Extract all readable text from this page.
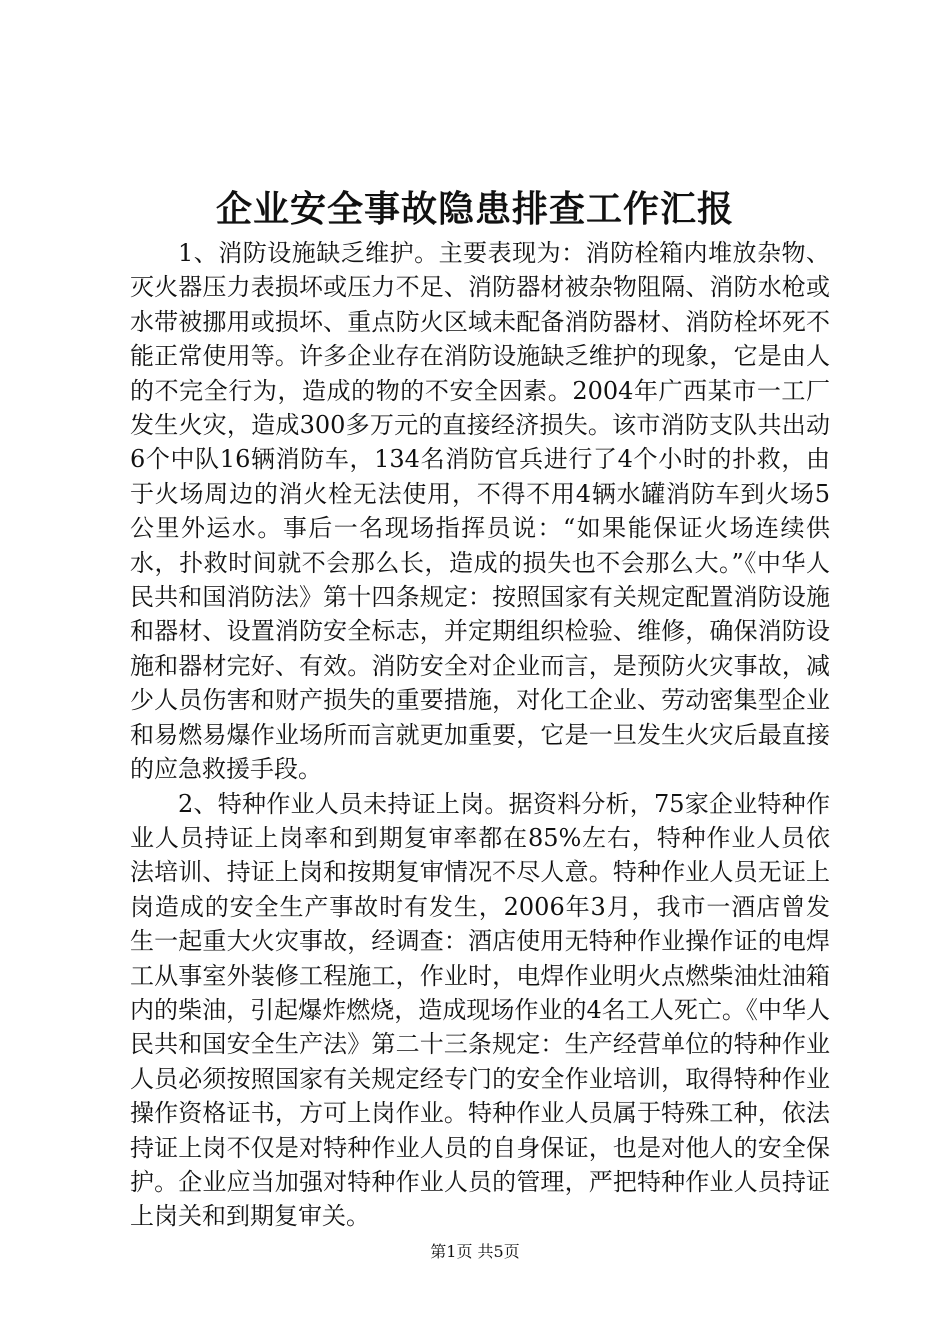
企业安全事故隐患排查工作汇报

1、消防设施缺乏维护。主要表现为：消防栓箱内堆放杂物、灭火器压力表损坏或压力不足、消防器材被杂物阻隔、消防水枪或水带被挪用或损坏、重点防火区域未配备消防器材、消防栓坏死不能正常使用等。许多企业存在消防设施缺乏维护的现象，它是由人的不完全行为，造成的物的不安全因素。2004年广西某市一工厂发生火灾，造成300多万元的直接经济损失。该市消防支队共出动6个中队16辆消防车，134名消防官兵进行了4个小时的扑救，由于火场周边的消火栓无法使用，不得不用4辆水罐消防车到火场5公里外运水。事后一名现场指挥员说：“如果能保证火场连续供水，扑救时间就不会那么长，造成的损失也不会那么大。”《中华人民共和国消防法》第十四条规定：按照国家有关规定配置消防设施和器材、设置消防安全标志，并定期组织检验、维修，确保消防设施和器材完好、有效。消防安全对企业而言，是预防火灾事故，减少人员伤害和财产损失的重要措施，对化工企业、劳动密集型企业和易燃易爆作业场所而言就更加重要，它是一旦发生火灾后最直接的应急救援手段。

2、特种作业人员未持证上岗。据资料分析，75家企业特种作业人员持证上岗率和到期复审率都在85%左右，特种作业人员依法培训、持证上岗和按期复审情况不尽人意。特种作业人员无证上岗造成的安全生产事故时有发生，2006年3月，我市一酒店曾发生一起重大火灾事故，经调查：酒店使用无特种作业操作证的电焊工从事室外装修工程施工，作业时，电焊作业明火点燃柴油灶油箱内的柴油，引起爆炸燃烧，造成现场作业的4名工人死亡。《中华人民共和国安全生产法》第二十三条规定：生产经营单位的特种作业人员必须按照国家有关规定经专门的安全作业培训，取得特种作业操作资格证书，方可上岗作业。特种作业人员属于特殊工种，依法持证上岗不仅是对特种作业人员的自身保证，也是对他人的安全保护。企业应当加强对特种作业人员的管理，严把特种作业人员持证上岗关和到期复审关。

第1页 共5页
